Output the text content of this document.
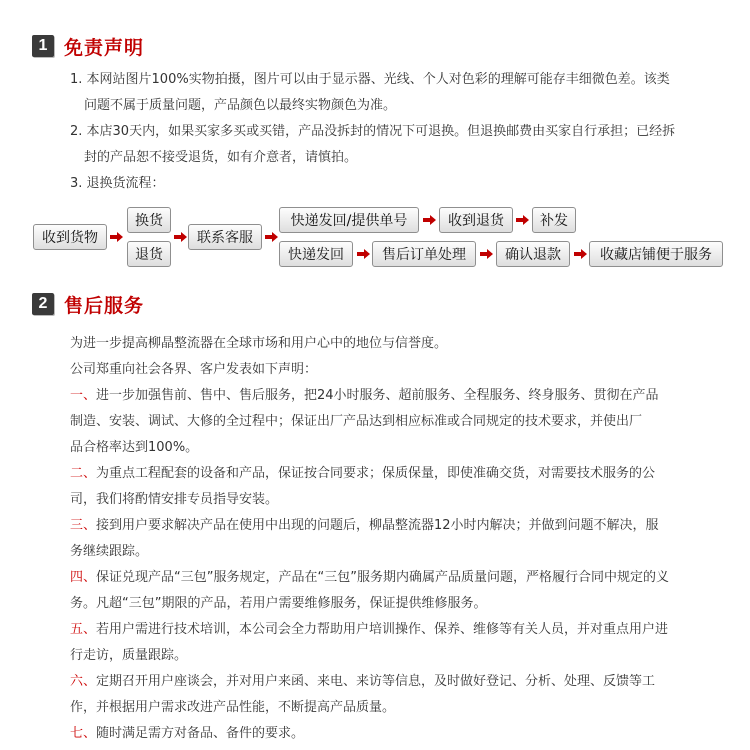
1 免责声明
1. 本网站图片100%实物拍摄，图片可以由于显示器、光线、个人对色彩的理解可能存丰细微色差。该类
问题不属于质量问题，产品颜色以最终实物颜色为准。
2. 本店30天内，如果买家多买或买错，产品没拆封的情况下可退换。但退换邮费由买家自行承担；已经拆
封的产品恕不接受退货，如有介意者，请慎拍。
3. 退换货流程：
收到货物
换货
退货
联系客服
快递发回/提供单号	收到退货	补发
快递发回	售后订单处理	确认退款	收藏店铺便于服务
2 售后服务
为进一步提高柳晶整流器在全球市场和用户心中的地位与信誉度。
公司郑重向社会各界、客户发表如下声明：
一、进一步加强售前、售中、售后服务，把24小时服务、超前服务、全程服务、终身服务、贯彻在产品
制造、安装、调试、大修的全过程中；保证出厂产品达到相应标准或合同规定的技术要求，并使出厂
品合格率达到100%。
二、为重点工程配套的设备和产品，保证按合同要求；保质保量，即使准确交货，对需要技术服务的公
司，我们将酌情安排专员指导安装。
三、接到用户要求解决产品在使用中出现的问题后，柳晶整流器12小时内解决；并做到问题不解决，服
务继续跟踪。
四、保证兑现产品“三包”服务规定，产品在“三包”服务期内确属产品质量问题，严格履行合同中规定的义
务。凡超“三包”期限的产品，若用户需要维修服务，保证提供维修服务。
五、若用户需进行技术培训，本公司会全力帮助用户培训操作、保养、维修等有关人员，并对重点用户进
行走访，质量跟踪。
六、定期召开用户座谈会，并对用户来函、来电、来访等信息，及时做好登记、分析、处理、反馈等工
作，并根据用户需求改进产品性能，不断提高产品质量。
七、随时满足需方对备品、备件的要求。
